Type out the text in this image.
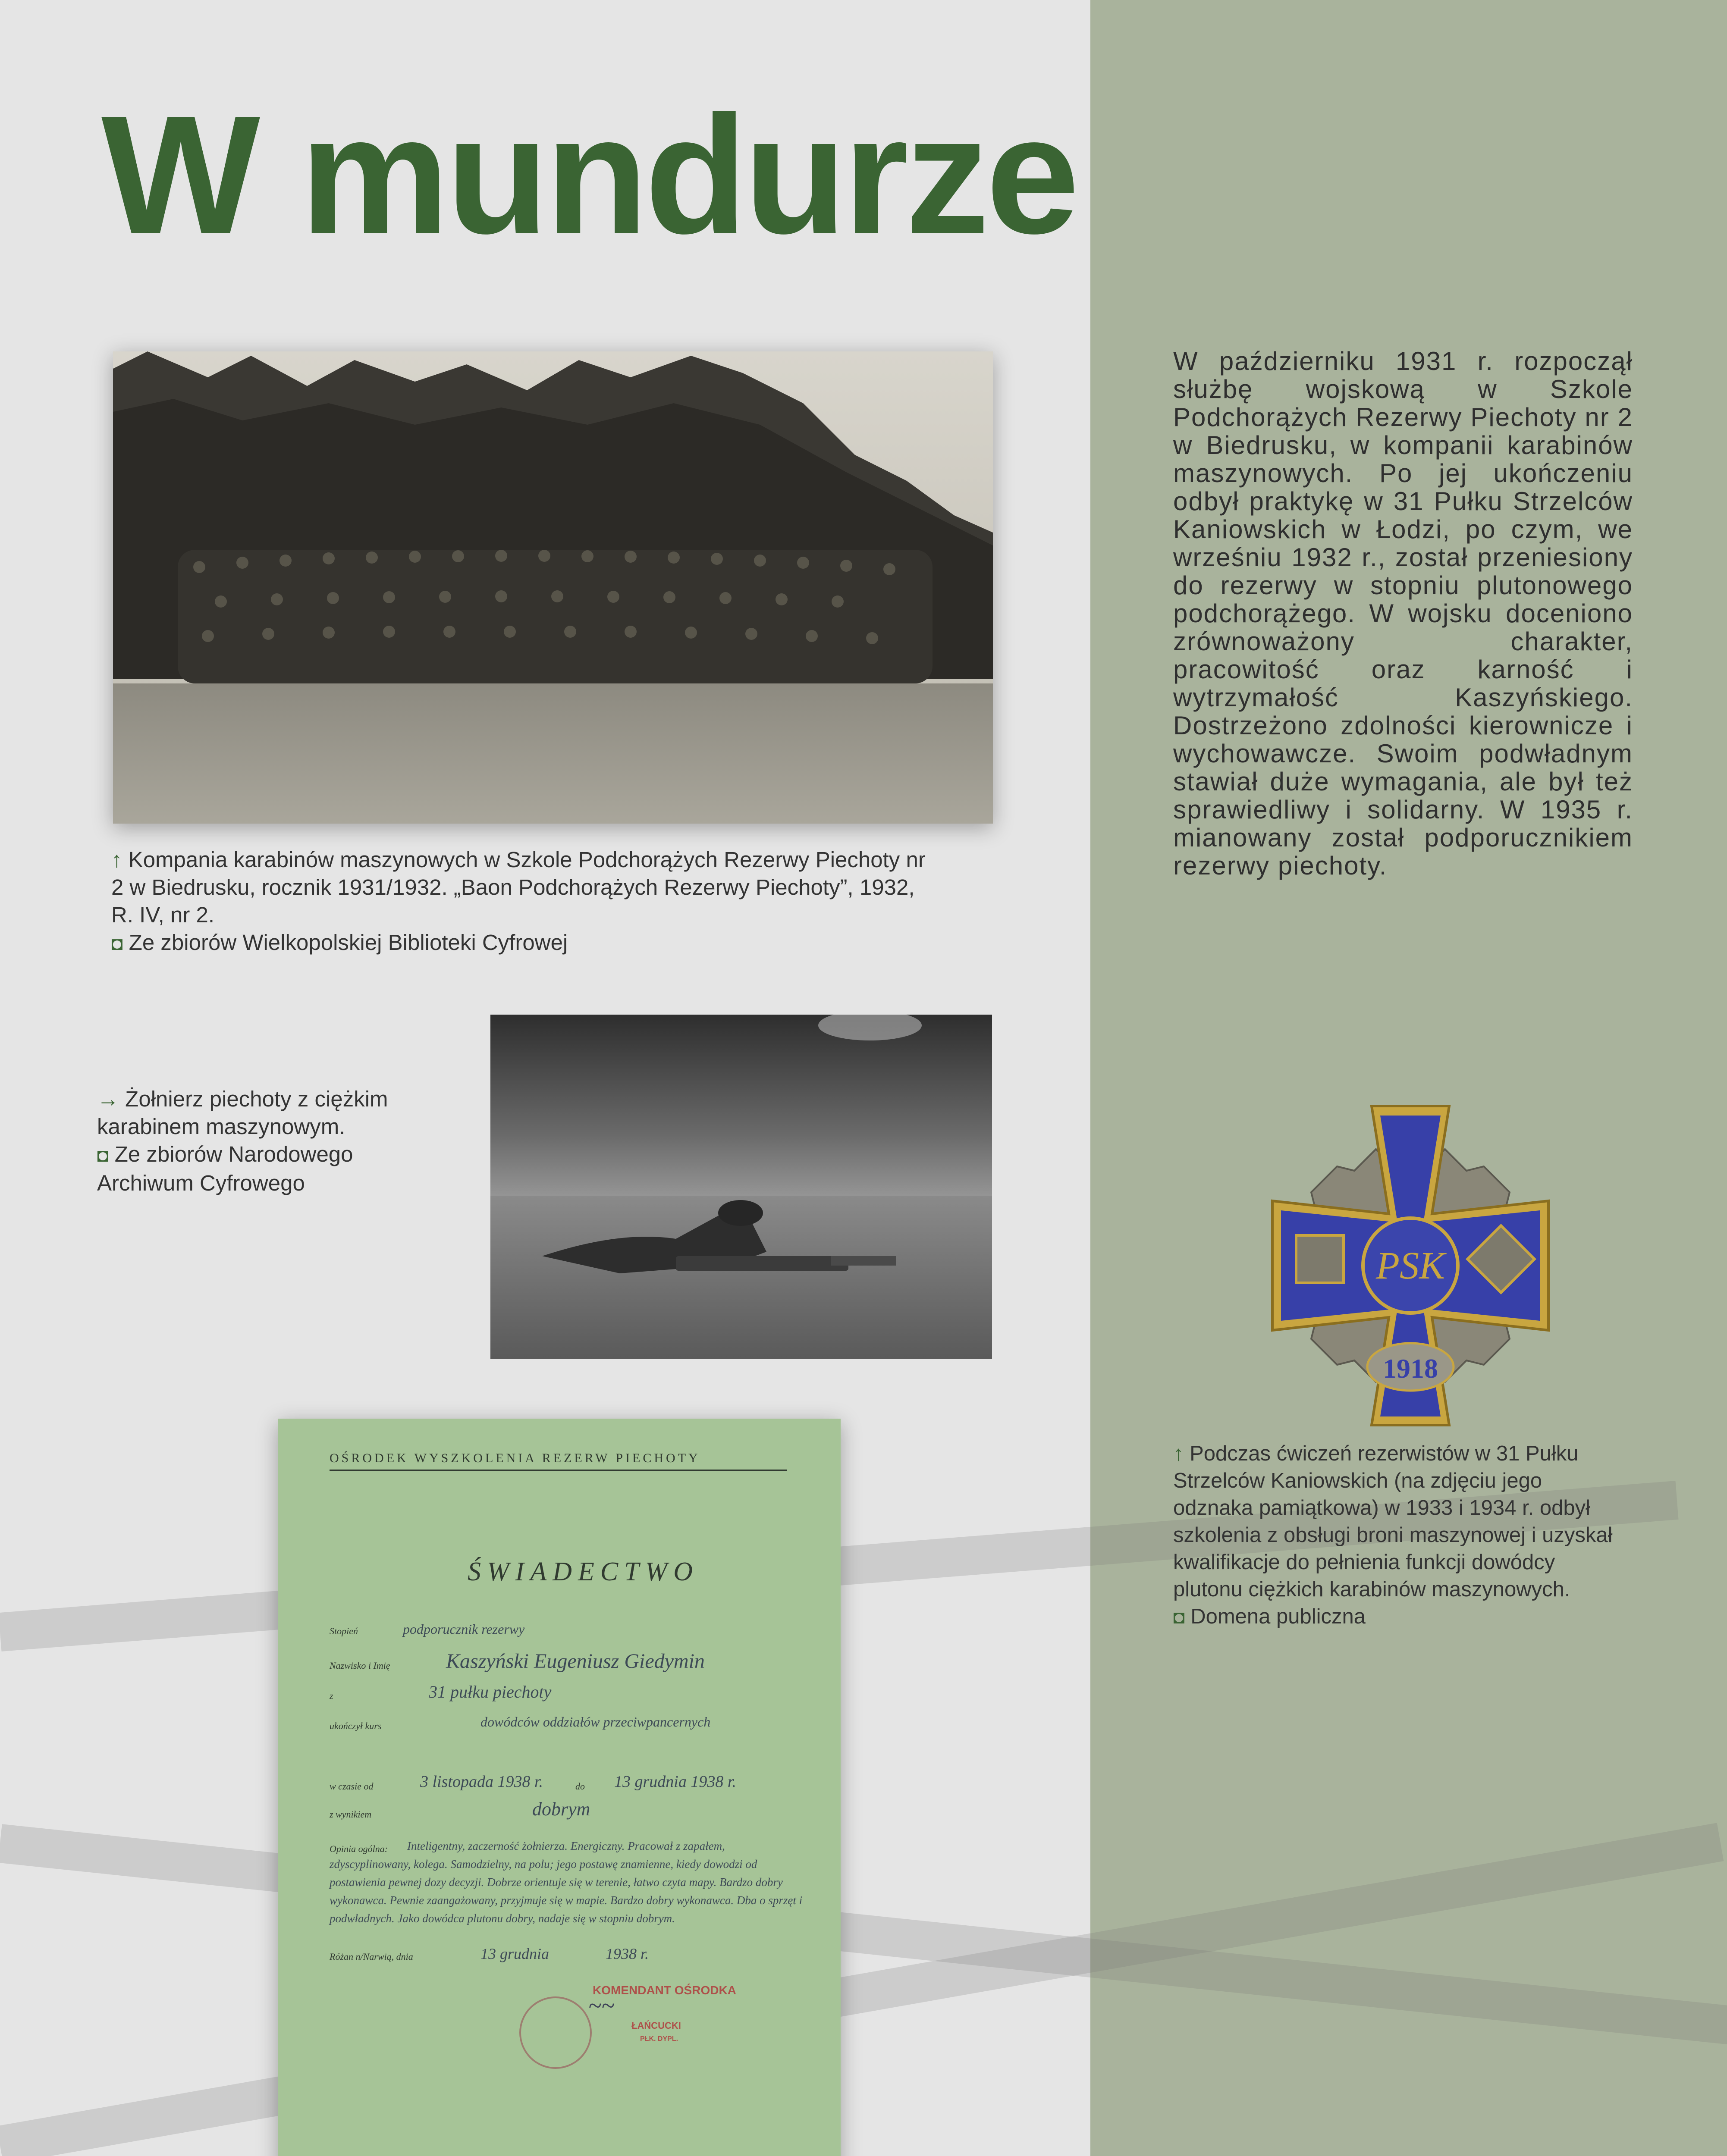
W mundurze
↑ Kompania karabinów maszynowych w Szkole Podchorążych Rezerwy Piechoty nr 2 w Biedrusku, rocznik 1931/1932. „Baon Podchorążych Rezerwy Piechoty”, 1932, R. IV, nr 2.
◘ Ze zbiorów Wielkopolskiej Biblioteki Cyfrowej
→ Żołnierz piechoty z ciężkim karabinem maszynowym.
◘ Ze zbiorów Narodowego Archiwum Cyfrowego
OŚRODEK WYSZKOLENIA REZERW PIECHOTY
ŚWIADECTWO
Stopień	podporucznik rezerwy
Nazwisko i Imię	Kaszyński Eugeniusz Giedymin
z	31 pułku piechoty
ukończył kurs	dowódców oddziałów przeciwpancernych
w czasie od	3 listopada 1938 r.	do 13 grudnia 1938 r.
z wynikiem	dobrym
Opinia ogólna:	Inteligentny, zaczerność żołnierza. Energiczny. Pracował z zapałem, zdyscyplinowany, kolega. Samodzielny, na polu; jego postawę znamienne, kiedy dowodzi od postawienia pewnej dozy decyzji. Dobrze orientuje się w terenie, łatwo czyta mapy. Bardzo dobry wykonawca. Pewnie zaangażowany, przyjmuje się w mapie. Bardzo dobry wykonawca. Dba o sprzęt i podwładnych. Jako dowódca plutonu dobry, nadaje się w stopniu dobrym.
Różan n/Narwią, dnia	13 grudnia	1938 r.
KOMENDANT OŚRODKA
~~
ŁAŃCUCKI
PŁK. DYPL.

W październiku 1931 r. rozpoczął służbę wojskową w Szkole Podchorążych Rezerwy Piechoty nr 2 w Biedrusku, w kompanii karabinów maszynowych. Po jej ukończeniu odbył praktykę w 31 Pułku Strzelców Kaniowskich w Łodzi, po czym, we wrześniu 1932 r., został przeniesiony do rezerwy w stopniu plutonowego podchorążego. W wojsku doceniono zrównoważony charakter, pracowitość oraz karność i wytrzymałość Kaszyńskiego. Dostrzeżono zdolności kierownicze i wychowawcze. Swoim podwładnym stawiał duże wymagania, ale był też sprawiedliwy i solidarny. W 1935 r. mianowany został podporucznikiem rezerwy piechoty.
PSK
1918
↑ Podczas ćwiczeń rezerwistów w 31 Pułku Strzelców Kaniowskich (na zdjęciu jego odznaka pamiątkowa) w 1933 i 1934 r. odbył szkolenia z obsługi broni maszynowej i uzyskał kwalifikacje do pełnienia funkcji dowódcy plutonu ciężkich karabinów maszynowych.
◘ Domena publiczna
